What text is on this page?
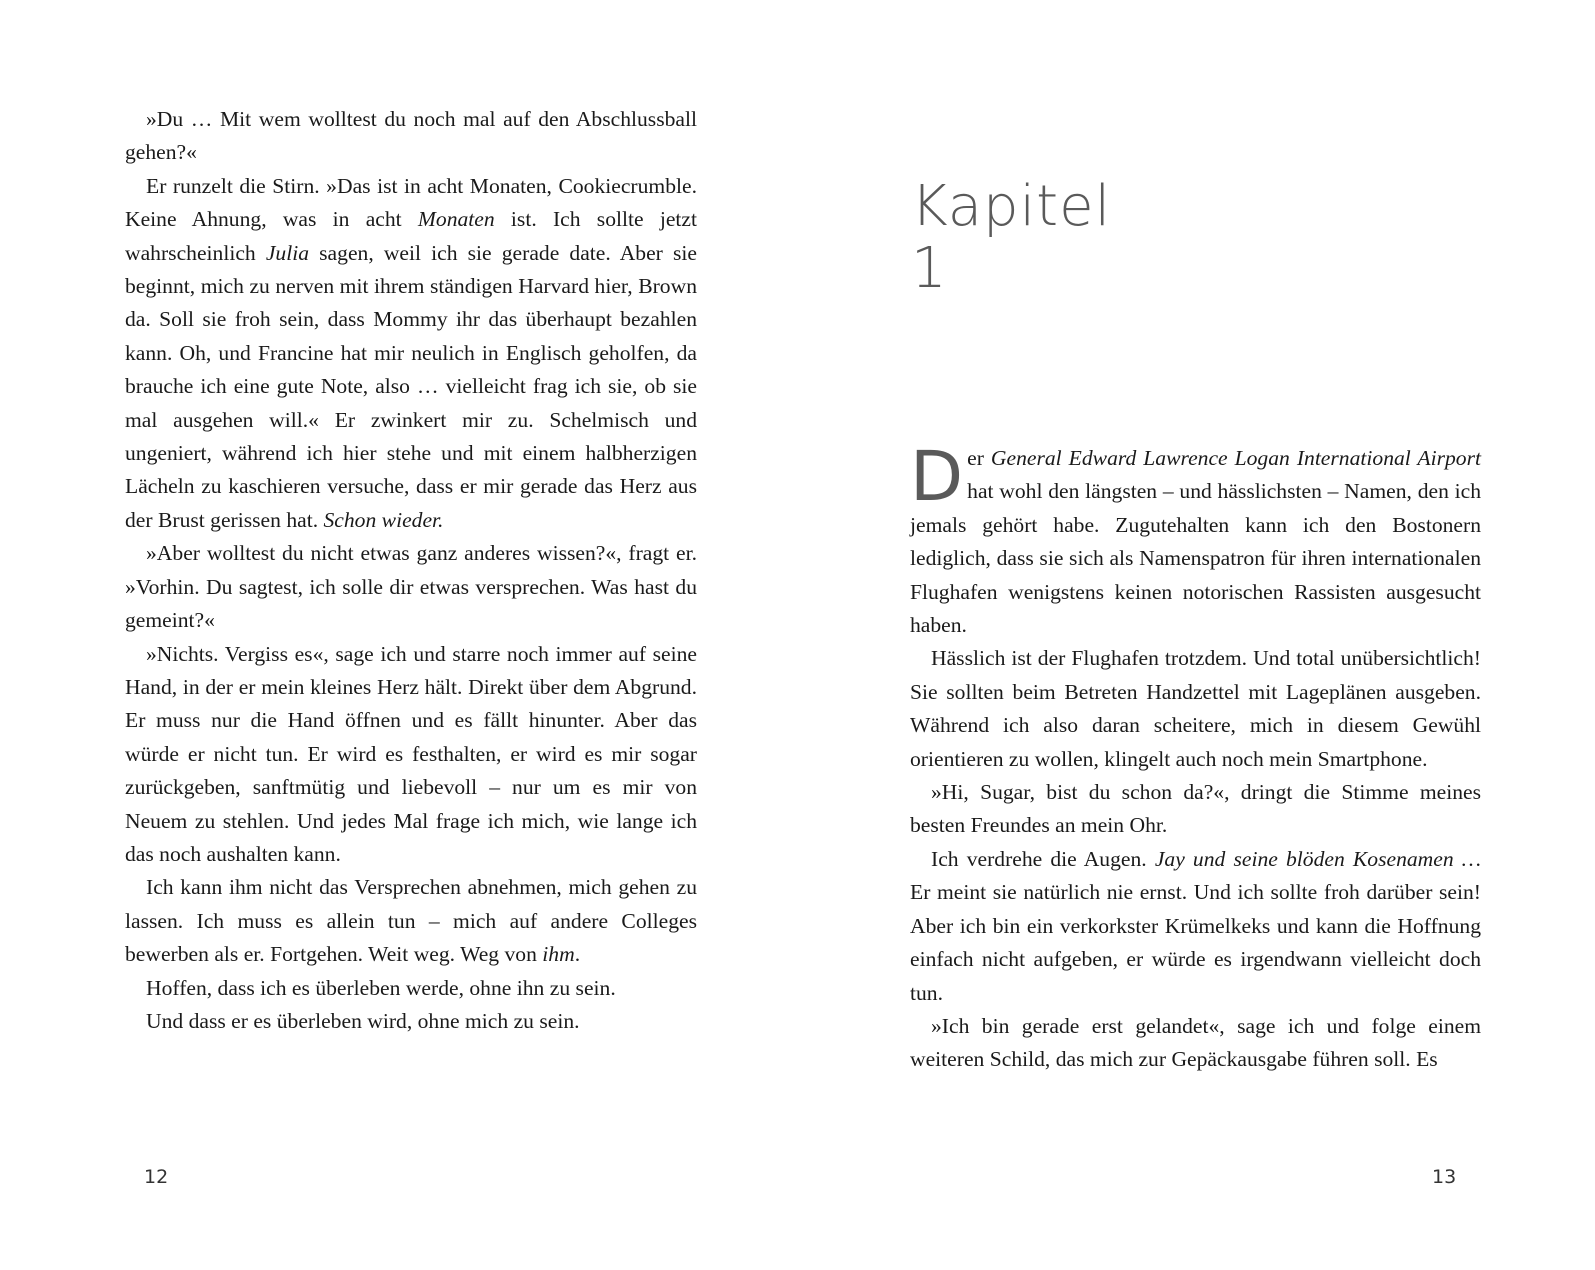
»Du … Mit wem wolltest du noch mal auf den Abschlussball gehen?«

Er runzelt die Stirn. »Das ist in acht Monaten, Cookiecrumble. Keine Ahnung, was in acht Monaten ist. Ich sollte jetzt wahrscheinlich Julia sagen, weil ich sie gerade date. Aber sie beginnt, mich zu nerven mit ihrem ständigen Harvard hier, Brown da. Soll sie froh sein, dass Mommy ihr das überhaupt bezahlen kann. Oh, und Francine hat mir neulich in Englisch geholfen, da brauche ich eine gute Note, also … vielleicht frag ich sie, ob sie mal ausgehen will.« Er zwinkert mir zu. Schelmisch und ungeniert, während ich hier stehe und mit einem halbherzigen Lächeln zu kaschieren versuche, dass er mir gerade das Herz aus der Brust gerissen hat. Schon wieder.

»Aber wolltest du nicht etwas ganz anderes wissen?«, fragt er. »Vorhin. Du sagtest, ich solle dir etwas versprechen. Was hast du gemeint?«

»Nichts. Vergiss es«, sage ich und starre noch immer auf seine Hand, in der er mein kleines Herz hält. Direkt über dem Abgrund. Er muss nur die Hand öffnen und es fällt hinunter. Aber das würde er nicht tun. Er wird es festhalten, er wird es mir sogar zurückgeben, sanftmütig und liebevoll – nur um es mir von Neuem zu stehlen. Und jedes Mal frage ich mich, wie lange ich das noch aushalten kann.

Ich kann ihm nicht das Versprechen abnehmen, mich gehen zu lassen. Ich muss es allein tun – mich auf andere Colleges bewerben als er. Fortgehen. Weit weg. Weg von ihm.

Hoffen, dass ich es überleben werde, ohne ihn zu sein.

Und dass er es überleben wird, ohne mich zu sein.

12
Kapitel
1

Der General Edward Lawrence Logan International Airport hat wohl den längsten – und hässlichsten – Namen, den ich jemals gehört habe. Zugutehalten kann ich den Bostonern lediglich, dass sie sich als Namenspatron für ihren internationalen Flughafen wenigstens keinen notorischen Rassisten ausgesucht haben.

Hässlich ist der Flughafen trotzdem. Und total unübersichtlich! Sie sollten beim Betreten Handzettel mit Lageplänen ausgeben. Während ich also daran scheitere, mich in diesem Gewühl orientieren zu wollen, klingelt auch noch mein Smartphone.

»Hi, Sugar, bist du schon da?«, dringt die Stimme meines besten Freundes an mein Ohr.

Ich verdrehe die Augen. Jay und seine blöden Kosenamen … Er meint sie natürlich nie ernst. Und ich sollte froh darüber sein! Aber ich bin ein verkorkster Krümelkeks und kann die Hoffnung einfach nicht aufgeben, er würde es irgendwann vielleicht doch tun.

»Ich bin gerade erst gelandet«, sage ich und folge einem weiteren Schild, das mich zur Gepäckausgabe führen soll. Es

13
